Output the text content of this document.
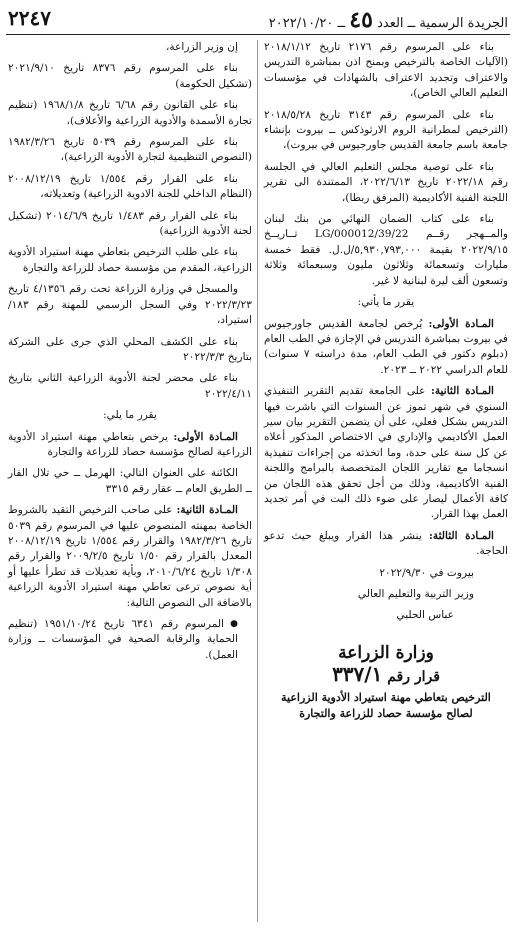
الجريدة الرسمية ــ العدد ٤٥ ــ ٢٠٢٢/١٠/٢٠
٢٢٤٧

بناء على المرسوم رقم ٢١٧٦ تاريخ ٢٠١٨/١/١٢ (الآليات الخاصة بالترخيص وبمنح اذن بمباشرة التدريس والاعتراف وتجديد الاعتراف بالشهادات في مؤسسات التعليم العالي الخاص)،

بناء على المرسوم رقم ٣١٤٣ تاريخ ٢٠١٨/٥/٢٨ (الترخيص لمطرانية الروم الارثوذكس ــ بيروت بإنشاء جامعة باسم جامعة القديس جاورجيوس في بيروت)،

بناء على توصية مجلس التعليم العالي في الجلسة رقم ٢٠٢٢/١٨ تاريخ ٢٠٢٢/٦/١٣، الممتندة الى تقرير اللجنة الفنية الأكاديمية (المرفق ربطا)،

بناء على كتاب الضمان النهائي من بنك لبنان والمــهجر رقــم 39/22/LG/000012 تــاريــخ ٢٠٢٢/٩/١٥ بقيمة ٥,٩٣٠,٧٩٣,٠٠٠/ل.ل. فقط خمسة مليارات وتسعمائة وثلاثون مليون وسبعمائة وثلاثة وتسعون ألف ليرة لبنانية لا غير.

يقرر ما يأتي:

المـادة الأولى: يُرخص لجامعة القديس جاورجيوس في بيروت بمباشرة التدريس في الإجازة في الطب العام (دبلوم دكتور في الطب العام، مدة دراسته ٧ سنوات) للعام الدراسي ٢٠٢٢ ــ ٢٠٢٣.

المـادة الثانية: على الجامعة تقديم التقرير التنفيذي السنوي في شهر تموز عن السنوات التي باشرت فيها التدريس بشكل فعلي، على أن يتضمن التقرير بيان سير العمل الأكاديمي والإداري في الاختصاص المذكور أعلاه عن كل سنة على حدة، وما اتخذته من إجراءات تنفيذية انسجاما مع تقارير اللجان المتخصصة بالبرامج واللجنة الفنية الأكاديمية، وذلك من أجل تحقق هذه اللجان من كافة الأعمال ليصار على ضوء ذلك البت في أمر تجديد العمل بهذا القرار.

المـادة الثالثة: ينشر هذا القرار ويبلغ حيث تدعو الحاجة.

بيروت في ٢٠٢٢/٩/٣٠

وزير التربية والتعليم العالي

عباس الحلبي

وزارة الزراعة
قرار رقم ٣٣٧/١
الترخيص بتعاطي مهنة استيراد الأدوية الزراعية
لصالح مؤسسة حصاد للزراعة والتجارة

إن وزير الزراعة،

بناء على المرسوم رقم ٨٣٧٦ تاريخ ٢٠٢١/٩/١٠ (تشكيل الحكومة)

بناء على القانون رقم ٦/٦٨ تاريخ ١٩٦٨/١/٨ (تنظيم تجارة الأسمدة والأدوية الزراعية والأعلاف)،

بناء على المرسوم رقم ٥٠٣٩ تاريخ ١٩٨٢/٣/٢٦ (النصوص التنظيمية لتجارة الأدوية الزراعية)،

بناء على القرار رقم ١/٥٥٤ تاريخ ٢٠٠٨/١٢/١٩ (النظام الداخلي للجنة الادوية الزراعية) وتعديلاته،

بناء على القرار رقم ١/٤٨٣ تاريخ ٢٠١٤/٦/٩ (تشكيل لجنة الأدوية الزراعية)

بناء على طلب الترخيص بتعاطي مهنة استيراد الأدوية الزراعية، المقدم من مؤسسة حصاد للزراعة والتجارة

والمسجل في وزارة الزراعة تحت رقم ٤/١٣٥٦ تاريخ ٢٠٢٢/٣/٢٣ وفي السجل الرسمي للمهنة رقم ١٨٣/ استيراد،

بناء على الكشف المحلي الذي جرى على الشركة بتاريخ ٢٠٢٢/٣/٣

بناء على محضر لجنة الأدوية الزراعية الثاني بتاريخ ٢٠٢٢/٤/١١

يقرر ما يلي:

المـادة الأولى: يرخص بتعاطي مهنة استيراد الأدوية الزراعية لصالح مؤسسة حصاد للزراعة والتجارة

الكائنة على العنوان التالي: الهرمل ــ حي تلال الفار ــ الطريق العام ــ عقار رقم ٣٣١٥

المـادة الثانية: على صاحب الترخيص التقيد بالشروط الخاصة بمهنته المنصوص عليها في المرسوم رقم ٥٠٣٩ تاريخ ١٩٨٢/٣/٢٦ والقرار رقم ١/٥٥٤ تاريخ ٢٠٠٨/١٢/١٩ المعدل بالقرار رقم ١/٥٠ تاريخ ٢٠٠٩/٢/٥ والقرار رقم ١/٣٠٨ تاريخ ٢٠١٠/٦/٢٤، وبأية تعديلات قد تطرأ عليها أو أية نصوص ترعى تعاطي مهنة استيراد الأدوية الزراعية بالاضافة الى النصوص التالية:

● المرسوم رقم ٦٣٤١ تاريخ ١٩٥١/١٠/٢٤ (تنظيم الحماية والرقابة الصحية في المؤسسات ــ وزارة العمل).
